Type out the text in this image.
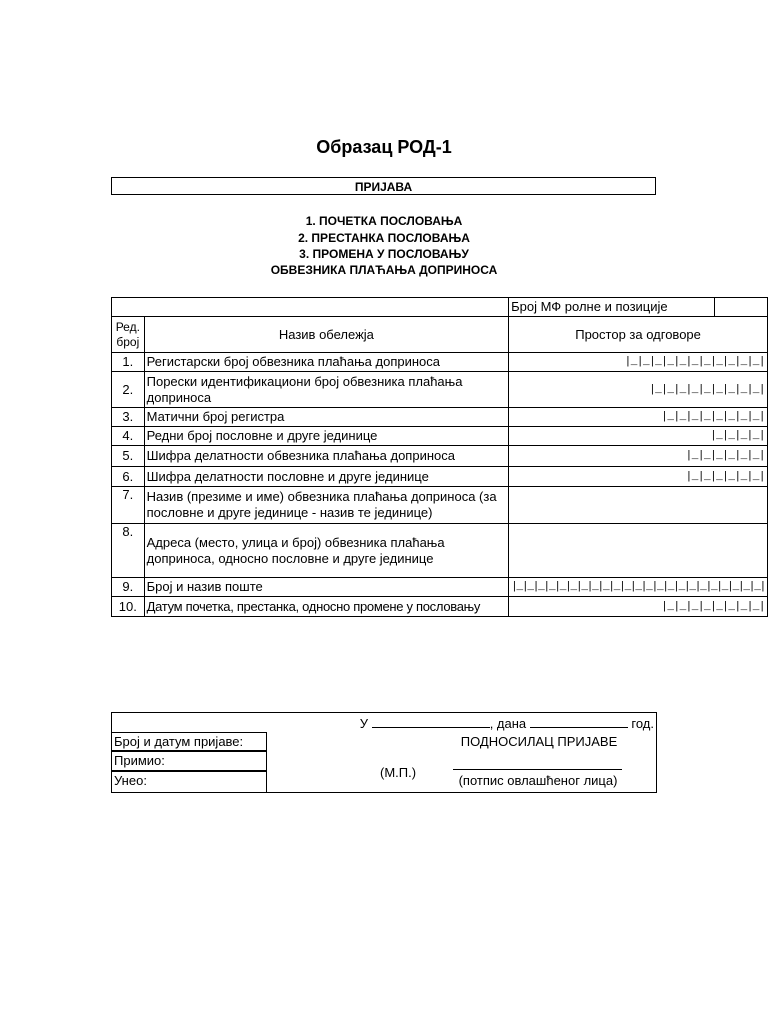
Образац РОД-1
ПРИЈАВА
1. ПОЧЕТКА ПОСЛОВАЊА
2. ПРЕСТАНКА ПОСЛОВАЊА
3. ПРОМЕНА У ПОСЛОВАЊУ
ОБВЕЗНИКА ПЛАЋАЊА ДОПРИНОСА
		Број МФ ролне и позиције	
Ред. број	Назив обележја	Простор за одговоре	
1.	Регистарски број обвезника плаћања доприноса	|_|_|_|_|_|_|_|_|_|_|_|	
2.	Порески идентификациони број обвезника плаћања доприноса	|_|_|_|_|_|_|_|_|_|	
3.	Матични број регистра	|_|_|_|_|_|_|_|_|	
4.	Редни број пословне и друге јединице	|_|_|_|_|	
5.	Шифра делатности обвезника плаћања доприноса	|_|_|_|_|_|_|	
6.	Шифра делатности пословне и друге јединице	|_|_|_|_|_|_|	
7.	Назив (презиме и име) обвезника плаћања доприноса (за пословне и друге јединице - назив те јединице)		
8.	Адреса (место, улица и број) обвезника плаћања доприноса, односно пословне и друге јединице		
9.	Број и назив поште	|_|_|_|_|_|_|_|_|_|_|_|_|_|_|_|_|_|_|_|_|_|_|_|	
10.	Датум почетка, престанка, односно промене у пословању	|_|_|_|_|_|_|_|_|	
У	, дана	год.
Број и датум пријаве:
Примио:
Унео:
ПОДНОСИЛАЦ ПРИЈАВЕ
(М.П.)
(потпис овлашћеног лица)
